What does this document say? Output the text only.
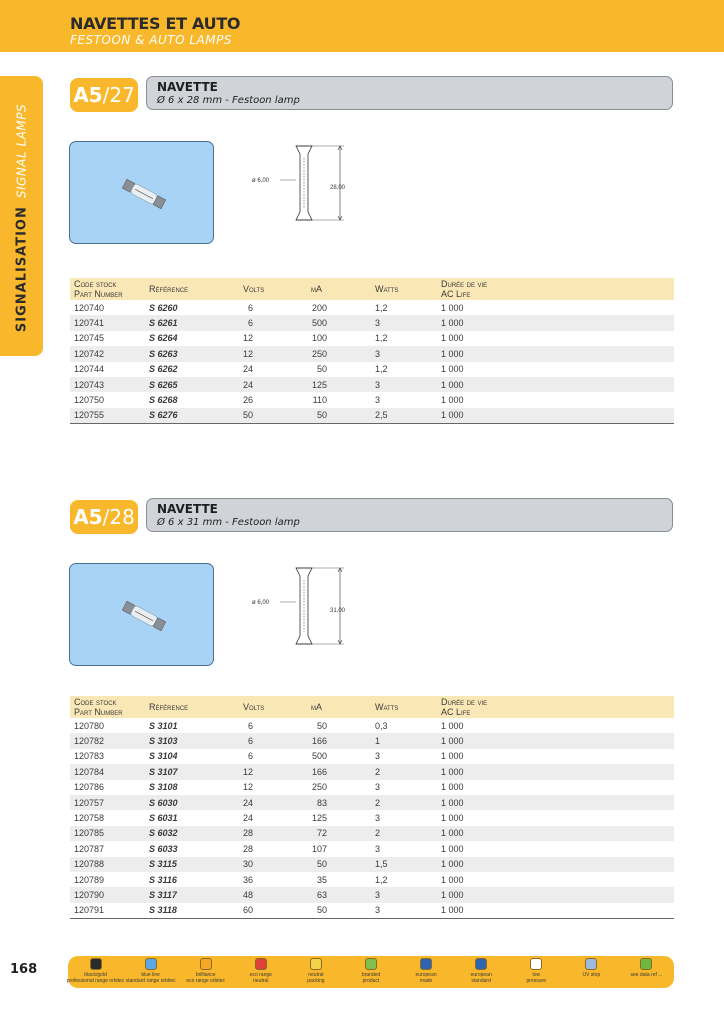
NAVETTES ET AUTO
FESTOON & AUTO LAMPS
SIGNALISATION
SIGNAL LAMPS
A5 / 27 NAVETTE
Ø 6 x 28 mm - Festoon lamp
ø 6,00
28,00
Code stock
Part Number	Référence	Volts	mA	Watts	Durée de vie
AC Life
120740	S 6260	6	200	1,2	1 000
120741	S 6261	6	500	3	1 000
120745	S 6264	12	100	1,2	1 000
120742	S 6263	12	250	3	1 000
120744	S 6262	24	50	1,2	1 000
120743	S 6265	24	125	3	1 000
120750	S 6268	26	110	3	1 000
120755	S 6276	50	50	2,5	1 000
A5 / 28 NAVETTE
Ø 6 x 31 mm - Festoon lamp
ø 6,00
31,00
Code stock
Part Number	Référence	Volts	mA	Watts	Durée de vie
AC Life
120780	S 3101	6	50	0,3	1 000
120782	S 3103	6	166	1	1 000
120783	S 3104	6	500	3	1 000
120784	S 3107	12	166	2	1 000
120786	S 3108	12	250	3	1 000
120757	S 6030	24	83	2	1 000
120758	S 6031	24	125	3	1 000
120785	S 6032	28	72	2	1 000
120787	S 6033	28	107	3	1 000
120788	S 3115	30	50	1,5	1 000
120789	S 3116	36	35	1,2	1 000
120790	S 3117	48	63	3	1 000
120791	S 3118	60	50	3	1 000
168	black/gold
professional range orbitec
blue line
standard range orbitec
brilliance
eco range orbitec
eco range
neutral
neutral
packing
branded
product
european
made
european
standard
low
pressure
UV stop	see data ref ...
